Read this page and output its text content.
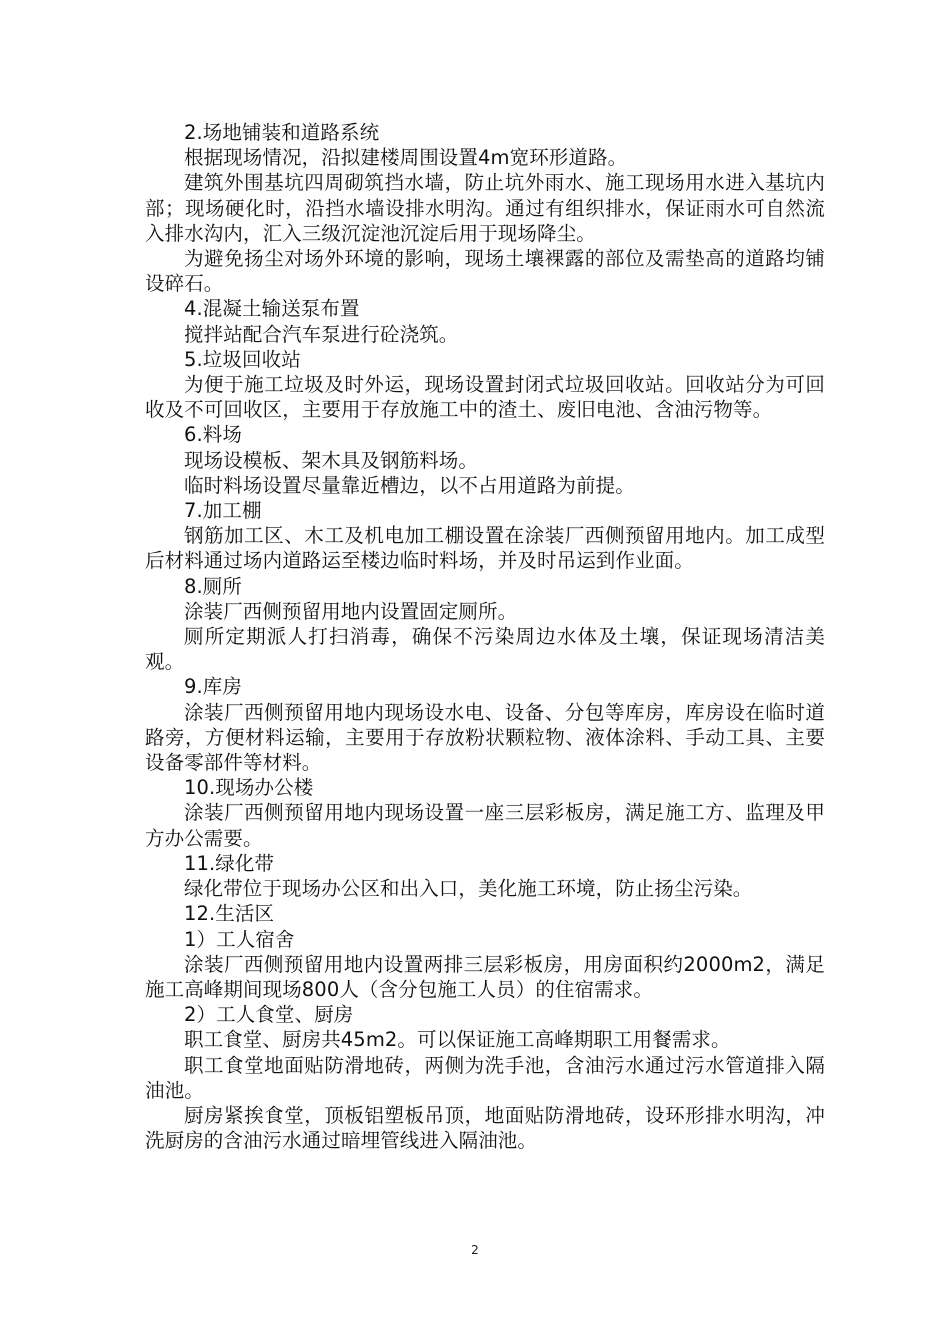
2.场地铺装和道路系统

根据现场情况，沿拟建楼周围设置4m宽环形道路。

建筑外围基坑四周砌筑挡水墙，防止坑外雨水、施工现场用水进入基坑内部；现场硬化时，沿挡水墙设排水明沟。通过有组织排水，保证雨水可自然流入排水沟内，汇入三级沉淀池沉淀后用于现场降尘。

为避免扬尘对场外环境的影响，现场土壤裸露的部位及需垫高的道路均铺设碎石。

4.混凝土输送泵布置

搅拌站配合汽车泵进行砼浇筑。

5.垃圾回收站

为便于施工垃圾及时外运，现场设置封闭式垃圾回收站。回收站分为可回收及不可回收区，主要用于存放施工中的渣土、废旧电池、含油污物等。

6.料场

现场设模板、架木具及钢筋料场。

临时料场设置尽量靠近槽边，以不占用道路为前提。

7.加工棚

钢筋加工区、木工及机电加工棚设置在涂装厂西侧预留用地内。加工成型后材料通过场内道路运至楼边临时料场，并及时吊运到作业面。

8.厕所

涂装厂西侧预留用地内设置固定厕所。

厕所定期派人打扫消毒，确保不污染周边水体及土壤，保证现场清洁美观。

9.库房

涂装厂西侧预留用地内现场设水电、设备、分包等库房，库房设在临时道路旁，方便材料运输，主要用于存放粉状颗粒物、液体涂料、手动工具、主要设备零部件等材料。

10.现场办公楼

涂装厂西侧预留用地内现场设置一座三层彩板房，满足施工方、监理及甲方办公需要。

11.绿化带

绿化带位于现场办公区和出入口，美化施工环境，防止扬尘污染。

12.生活区

1）工人宿舍

涂装厂西侧预留用地内设置两排三层彩板房，用房面积约2000m2，满足施工高峰期间现场800人（含分包施工人员）的住宿需求。

2）工人食堂、厨房

职工食堂、厨房共45m2。可以保证施工高峰期职工用餐需求。

职工食堂地面贴防滑地砖，两侧为洗手池，含油污水通过污水管道排入隔油池。

厨房紧挨食堂，顶板铝塑板吊顶，地面贴防滑地砖，设环形排水明沟，冲洗厨房的含油污水通过暗埋管线进入隔油池。

2
